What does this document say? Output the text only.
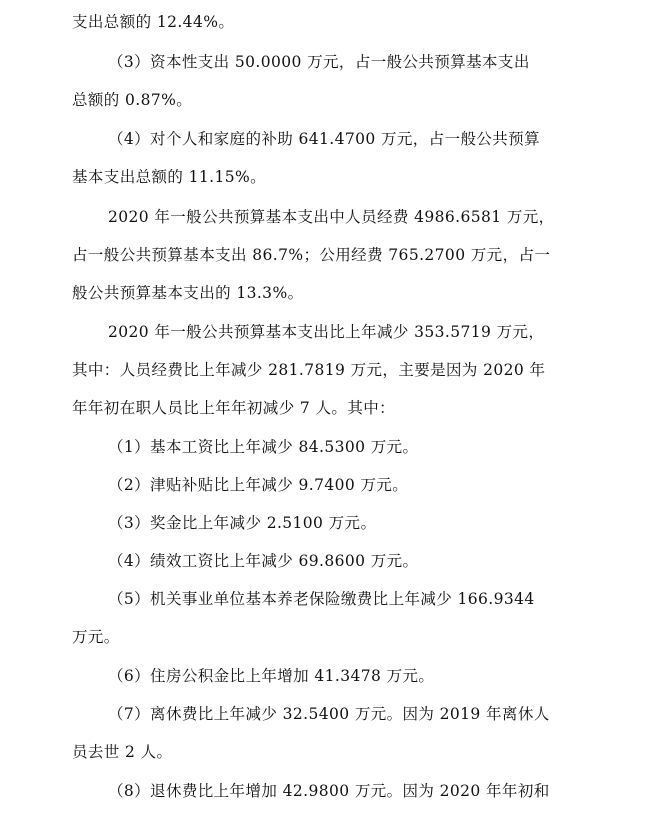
支出总额的 12.44%。
（3）资本性支出 50.0000 万元，占一般公共预算基本支出
总额的 0.87%。
（4）对个人和家庭的补助 641.4700 万元，占一般公共预算
基本支出总额的 11.15%。
2020 年一般公共预算基本支出中人员经费 4986.6581 万元，
占一般公共预算基本支出 86.7%；公用经费 765.2700 万元，占一
般公共预算基本支出的 13.3%。
2020 年一般公共预算基本支出比上年减少 353.5719 万元，
其中：人员经费比上年减少 281.7819 万元，主要是因为 2020 年
年年初在职人员比上年年初减少 7 人。其中：
（1）基本工资比上年减少 84.5300 万元。
（2）津贴补贴比上年减少 9.7400 万元。
（3）奖金比上年减少 2.5100 万元。
（4）绩效工资比上年减少 69.8600 万元。
（5）机关事业单位基本养老保险缴费比上年减少 166.9344
万元。
（6）住房公积金比上年增加 41.3478 万元。
（7）离休费比上年减少 32.5400 万元。因为 2019 年离休人
员去世 2 人。
（8）退休费比上年增加 42.9800 万元。因为 2020 年年初和
